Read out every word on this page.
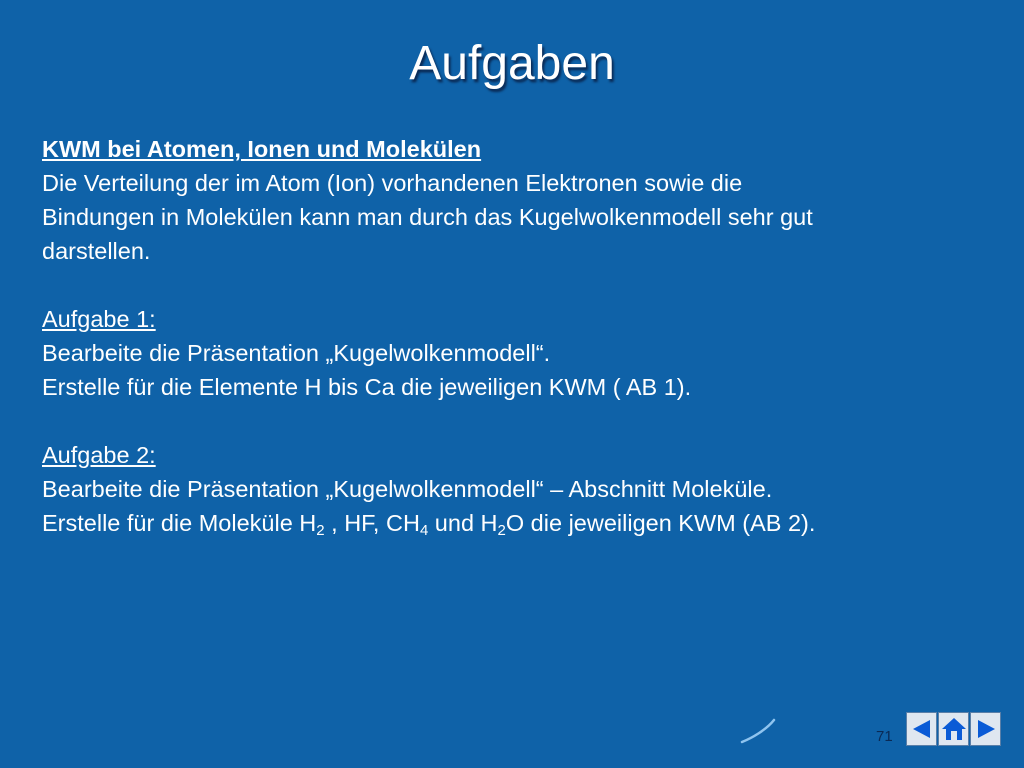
Aufgaben

KWM bei Atomen, Ionen und Molekülen

Die Verteilung der im Atom (Ion) vorhandenen Elektronen sowie die

Bindungen in Molekülen kann man durch das Kugelwolkenmodell sehr gut

darstellen.

Aufgabe 1:

Bearbeite die Präsentation „Kugelwolkenmodell“.

Erstelle für die Elemente H bis Ca die jeweiligen KWM ( AB 1).

Aufgabe 2:

Bearbeite die Präsentation „Kugelwolkenmodell“ – Abschnitt Moleküle.

Erstelle für die Moleküle $H_2$ , HF, $CH_4$ und $H_2O$ die jeweiligen KWM (AB 2).

71
